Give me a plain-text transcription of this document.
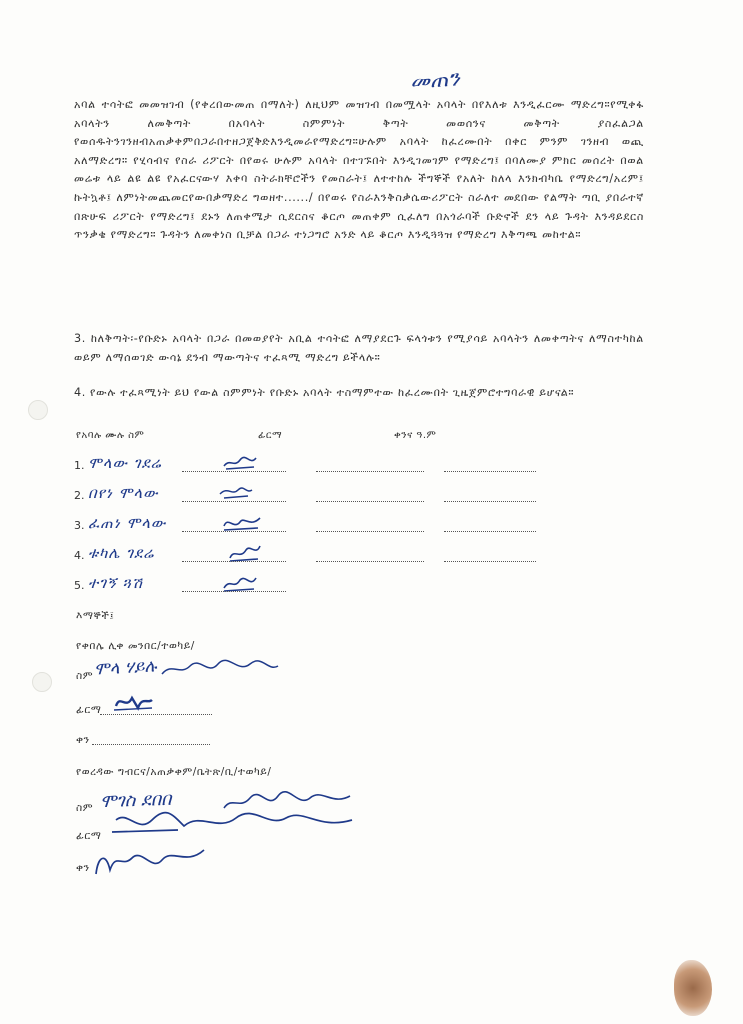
መጠን
አባል ተሳትፎ መመዝገብ (የቀረበውመጠ በማለት) ለዚህም መዝገብ በመሟላት አባላት በየእለቱ እንዲፈርሙ ማድረግ።የሚቀፋ አባላትን ለመቅጣት በአባላት ስምምነት ቅጣት መወሰንና መቅጣት ያስፈልጋል የወሰዱትንገንዘብአጠቃቀምበጋራበተዘጋጀቅድእንዲመራየማድረግ።ሁሉም አባላት ከፈረሙበት በቀር ምንም ገንዘብ ወጪ አለማድረግ። የሂሳብና የስራ ሪፖርት በየወሩ ሁሉም አባላት በተገኙበት እንዲገመገም የማድረግ፤ በባለሙያ ምክር መሰረት በወል መሬቱ ላይ ልዩ ልዩ የአፈርናውሃ እቀባ ስትራክቸሮችን የመስራት፤ ለተተከሉ ችግኞች የአለት ከለላ እንክብካቤ የማድረግ/አረም፤ ኩትኳቶ፤ ለምነትመጨመርየውበቃማድረ ግወዘተ....../ በየወሩ የስራእንቅስቃሴውሪፖርት ስራለተ መደበው የልማት ጣቢ ያበራተኛ በጽሁፍ ሪፖርት የማድረግ፤ ደኑን ለጠቀሜታ ሲደርስና ቆርጦ መጠቀም ሲፈለግ በአጎራባች ቡድኖች ደን ላይ ጉዳት እንዳይደርስ ጥንቃቄ የማድረግ። ጉዳትን ለመቀነስ ቢቻል በጋራ ተነጋግሮ አንድ ላይ ቆርጦ እንዲጓጓዝ የማድረግ እቅጣጫ መከተል።
3. ከለቅጣት፡-የቡድኑ አባላት በጋራ በመወያየት አቢል ተሳትፎ ለማያደርጉ ፍላጎቱን የሚያሳይ አባላትን ለመቀጣትና ለማስተካከል ወይም ለማሰወገድ ውሳኔ ደንብ ማውጣትና ተፈጻሚ ማድረግ ይችላሉ።
4. የውሉ ተፈጻሚነት ይህ የውል ስምምነት የቡድኑ አባላት ተስማምተው ከፈረሙበት ጊዜጀምሮተግባራዊ ይሆናል።
የአባሉ ሙሉ ስም	ፊርማ	ቀንና ዓ.ም
1. ሞላው ገደሬ
2. በየነ ሞላው
3. ፈጠነ ሞላው
4. ቱካሌ ገደሬ
5. ተገኝ ጓሽ
እማኞች፤
የቀበሌ ሊቀ መንበር/ተወካይ/
ስም ሞላ ሃይሉ
ፊርማ
ቀን
የወረዳው ግብርና/አጠቃቀም/ቤትጽ/ቢ/ተወካይ/
ስም ሞገስ ደበበ
ፊርማ
ቀን
